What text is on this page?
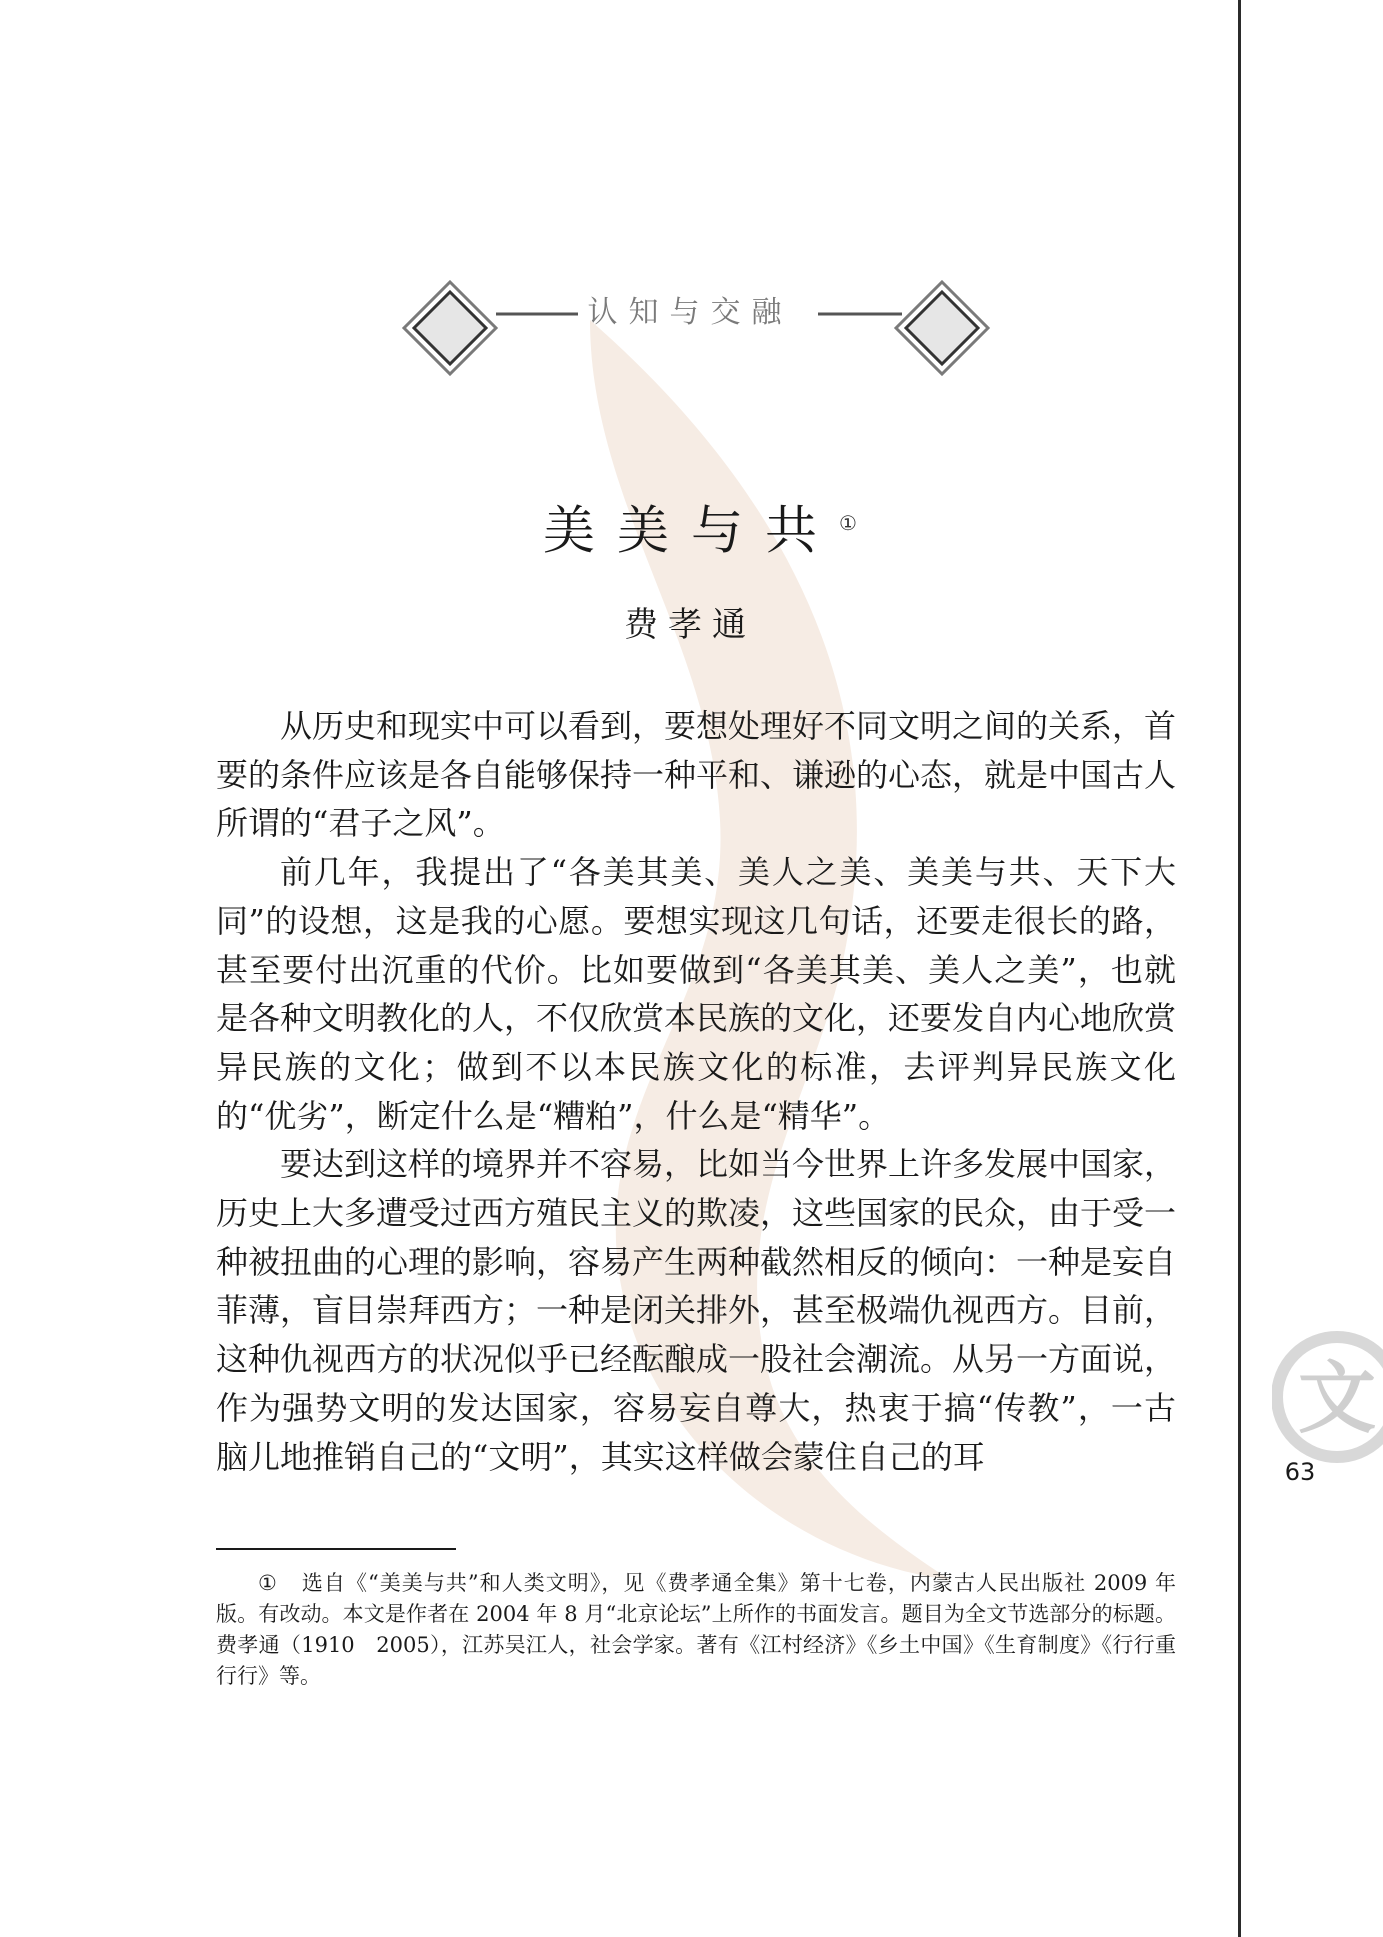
认知与交融
美美与共①
费孝通

从历史和现实中可以看到，要想处理好不同文明之间的关系，首要的条件应该是各自能够保持一种平和、谦逊的心态，就是中国古人所谓的“君子之风”。

前几年，我提出了“各美其美、美人之美、美美与共、天下大同”的设想，这是我的心愿。要想实现这几句话，还要走很长的路，甚至要付出沉重的代价。比如要做到“各美其美、美人之美”，也就是各种文明教化的人，不仅欣赏本民族的文化，还要发自内心地欣赏异民族的文化；做到不以本民族文化的标准，去评判异民族文化的“优劣”，断定什么是“糟粕”，什么是“精华”。

要达到这样的境界并不容易，比如当今世界上许多发展中国家，历史上大多遭受过西方殖民主义的欺凌，这些国家的民众，由于受一种被扭曲的心理的影响，容易产生两种截然相反的倾向：一种是妄自菲薄，盲目崇拜西方；一种是闭关排外，甚至极端仇视西方。目前，这种仇视西方的状况似乎已经酝酿成一股社会潮流。从另一方面说，作为强势文明的发达国家，容易妄自尊大，热衷于搞“传教”，一古脑儿地推销自己的“文明”，其实这样做会蒙住自己的耳

① 选自《“美美与共”和人类文明》，见《费孝通全集》第十七卷，内蒙古人民出版社 2009 年版。有改动。本文是作者在 2004 年 8 月“北京论坛”上所作的书面发言。题目为全文节选部分的标题。费孝通（1910　2005），江苏吴江人，社会学家。著有《江村经济》《乡土中国》《生育制度》《行行重行行》等。

文
63
